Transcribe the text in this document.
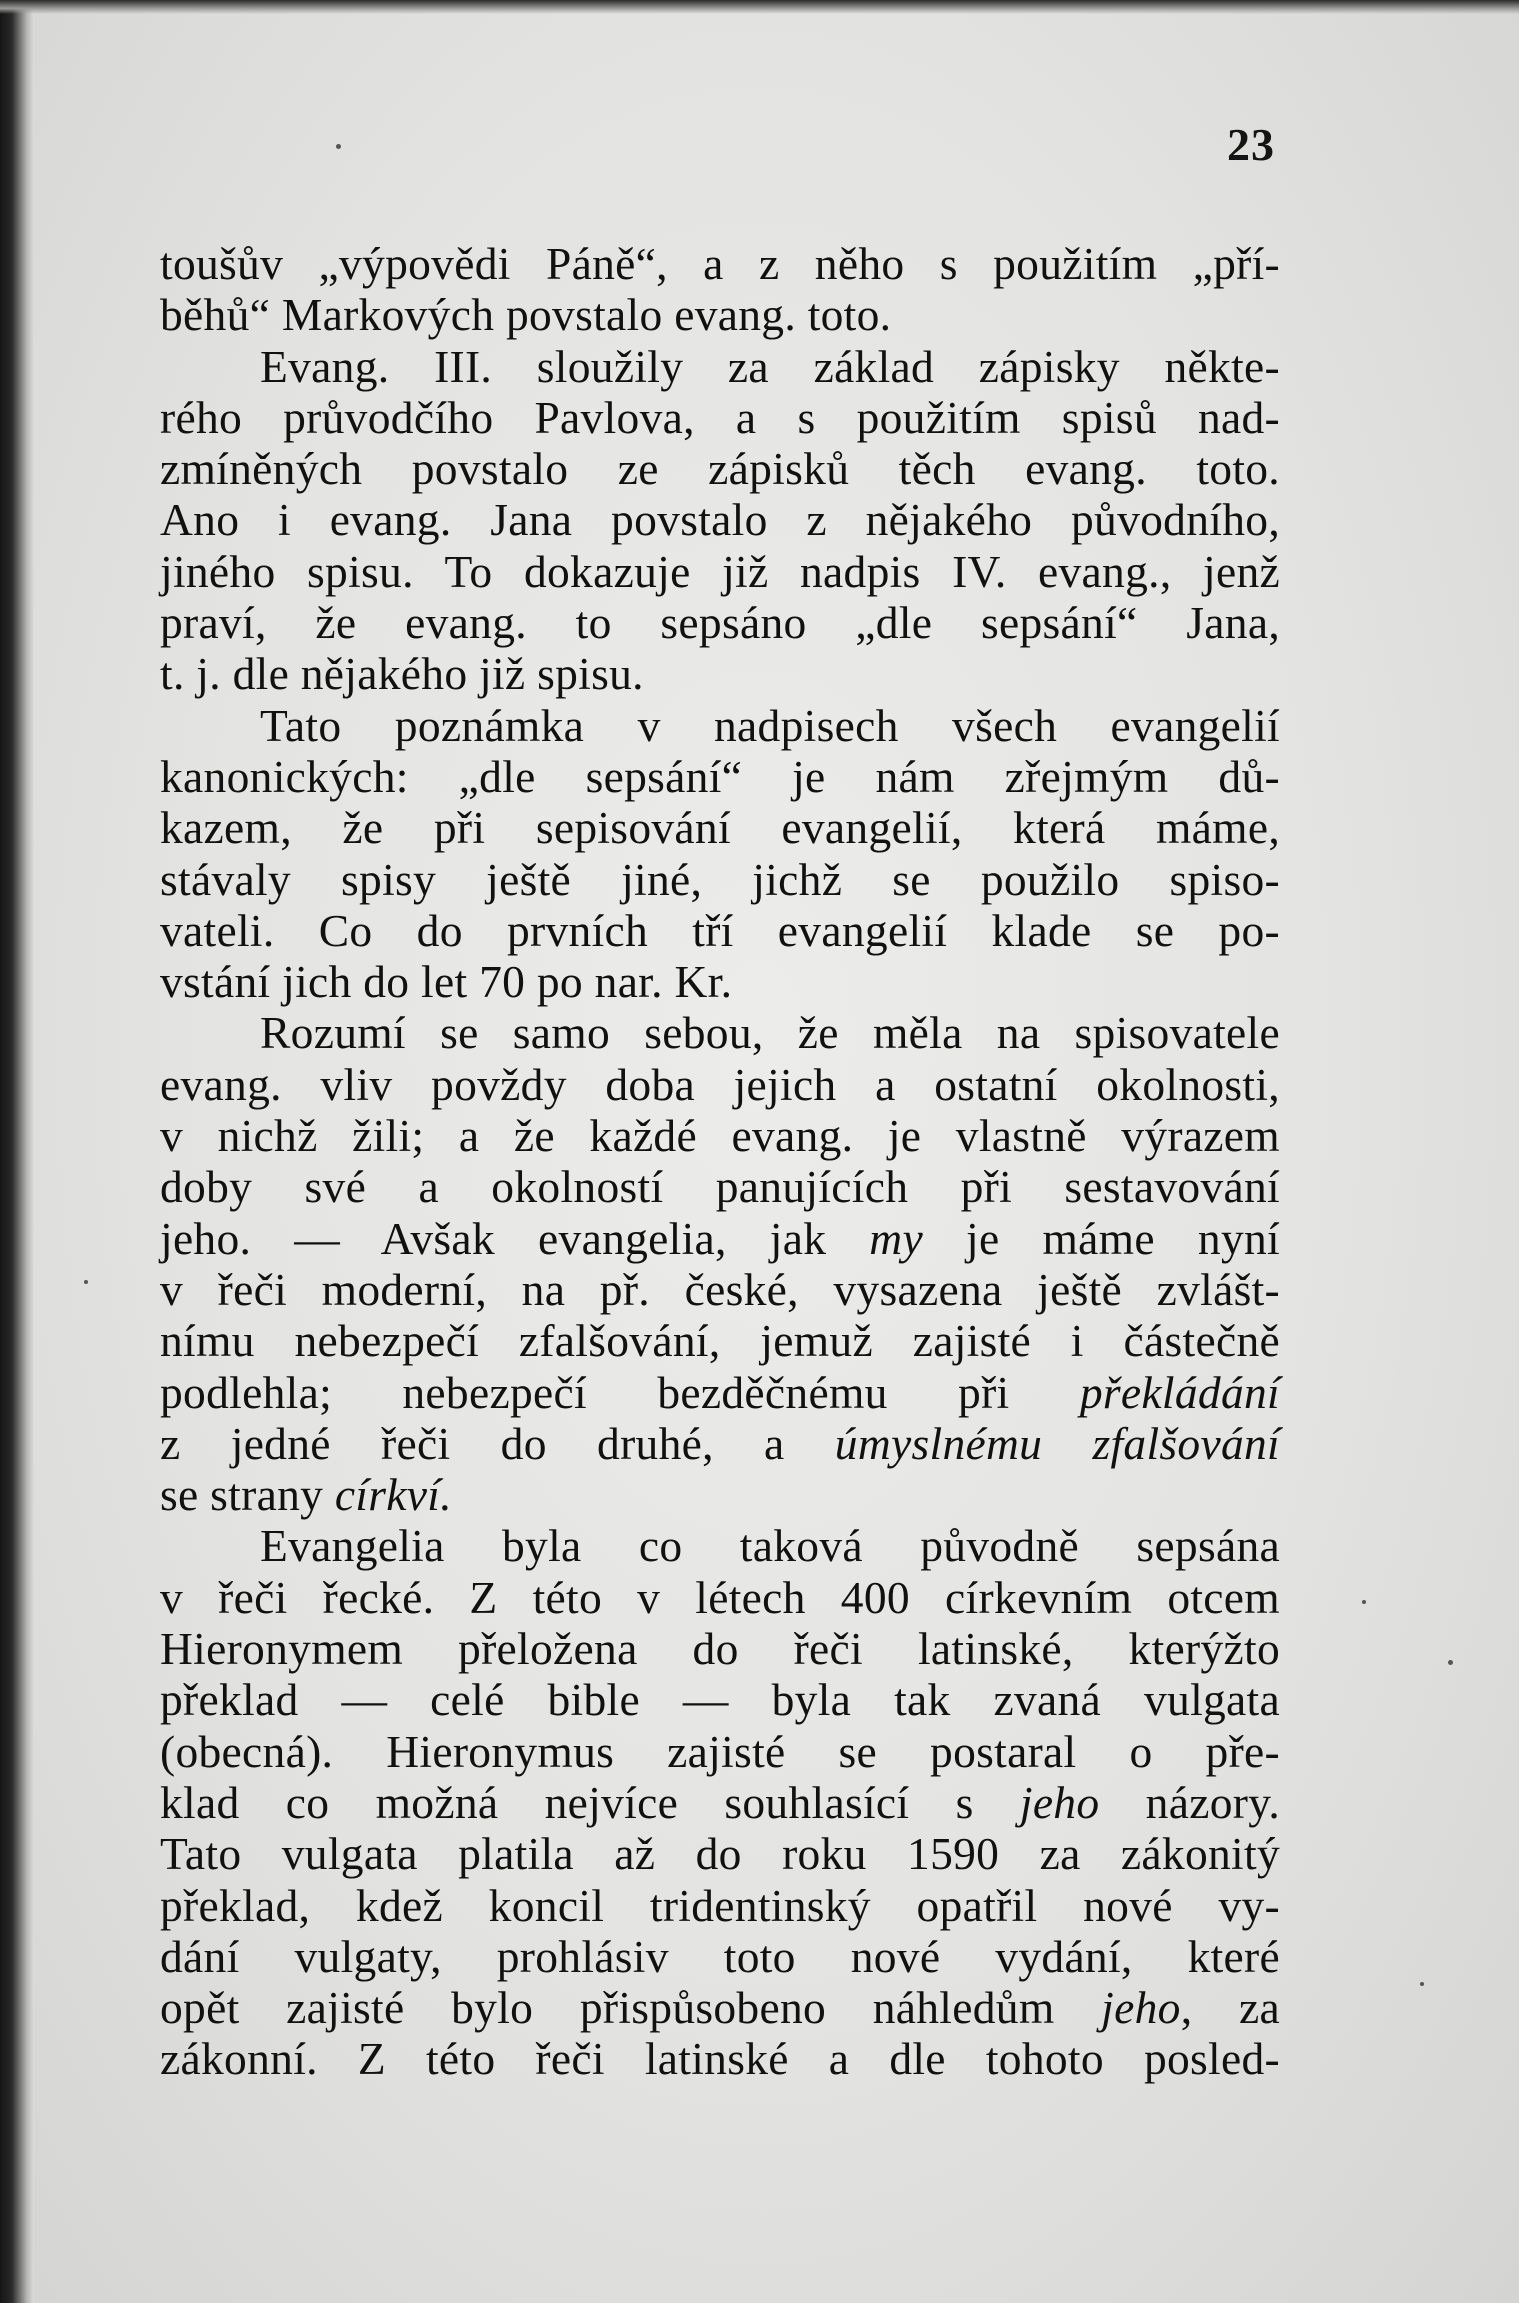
23
toušův „výpovědi Páně“, a z něho s použitím „pří-
běhů“ Markových povstalo evang. toto.
Evang. III. sloužily za základ zápisky někte-
rého průvodčího Pavlova, a s použitím spisů nad-
zmíněných povstalo ze zápisků těch evang. toto.
Ano i evang. Jana povstalo z nějakého původního,
jiného spisu. To dokazuje již nadpis IV. evang., jenž
praví, že evang. to sepsáno „dle sepsání“ Jana,
t. j. dle nějakého již spisu.
Tato poznámka v nadpisech všech evangelií
kanonických: „dle sepsání“ je nám zřejmým dů-
kazem, že při sepisování evangelií, která máme,
stávaly spisy ještě jiné, jichž se použilo spiso-
vateli. Co do prvních tří evangelií klade se po-
vstání jich do let 70 po nar. Kr.
Rozumí se samo sebou, že měla na spisovatele
evang. vliv povždy doba jejich a ostatní okolnosti,
v nichž žili; a že každé evang. je vlastně výrazem
doby své a okolností panujících při sestavování
jeho. — Avšak evangelia, jak my je máme nyní
v řeči moderní, na př. české, vysazena ještě zvlášt-
nímu nebezpečí zfalšování, jemuž zajisté i částečně
podlehla; nebezpečí bezděčnému při překládání
z jedné řeči do druhé, a úmyslnému zfalšování
se strany církví.
Evangelia byla co taková původně sepsána
v řeči řecké. Z této v létech 400 církevním otcem
Hieronymem přeložena do řeči latinské, kterýžto
překlad — celé bible — byla tak zvaná vulgata
(obecná). Hieronymus zajisté se postaral o pře-
klad co možná nejvíce souhlasící s jeho názory.
Tato vulgata platila až do roku 1590 za zákonitý
překlad, kdež koncil tridentinský opatřil nové vy-
dání vulgaty, prohlásiv toto nové vydání, které
opět zajisté bylo přispůsobeno náhledům jeho, za
zákonní. Z této řeči latinské a dle tohoto posled-
